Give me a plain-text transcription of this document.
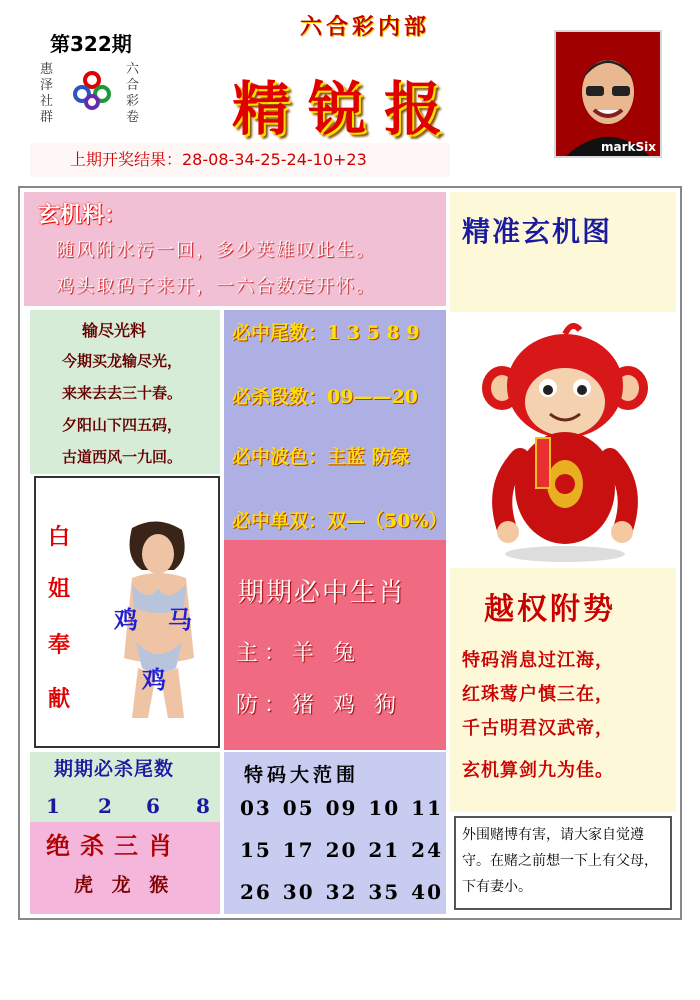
第322期
惠泽社群
六合彩卷
六合彩内部
精锐报
markSix
上期开奖结果：28-08-34-25-24-10+23
玄机料：
随风附水污一回，多少英雄叹此生。
鸡头取码子来开，一六合数定开怀。
精准玄机图
越权附势
特码消息过江海，
红珠莺户慎三在，
千古明君汉武帝，
玄机算剑九为佳。
外围赌博有害，请大家自觉遵守。在赌之前想一下上有父母，下有妻小。
输尽光料
今期买龙输尽光，
来来去去三十春。
夕阳山下四五码，
古道西风一九回。
必中尾数：1 3 5 8 9
必杀段数：09——20
必中波色：主蓝 防绿
必中单双：双—（50%）
白
姐
奉
献
鸡 马
鸡
期期必中生肖
主：羊 兔
防：猪 鸡 狗
期期必杀尾数
1 2 6 8
绝杀三肖
虎 龙 猴
特码大范围
03 05 09 10 11
15 17 20 21 24
26 30 32 35 40
